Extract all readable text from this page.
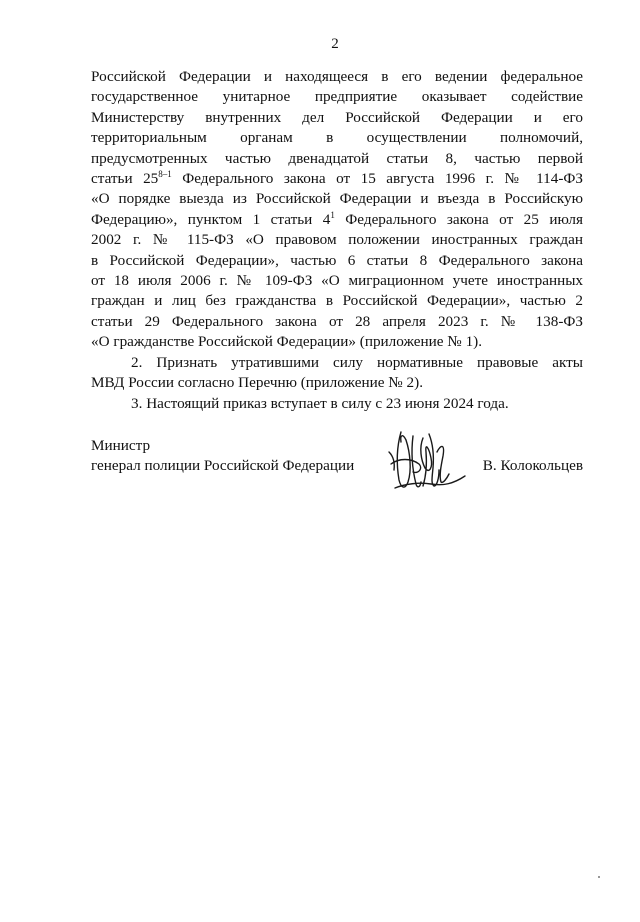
2
Российской Федерации и находящееся в его ведении федеральное
государственное унитарное предприятие оказывает содействие
Министерству внутренних дел Российской Федерации и его
территориальным органам в осуществлении полномочий,
предусмотренных частью двенадцатой статьи 8, частью первой
статьи 25$^{8-1}$ Федерального закона от 15 августа 1996 г. № 114-ФЗ
«О порядке выезда из Российской Федерации и въезда в Российскую
Федерацию», пунктом 1 статьи $4^1$ Федерального закона от 25 июля
2002 г. № 115-ФЗ «О правовом положении иностранных граждан
в Российской Федерации», частью 6 статьи 8 Федерального закона
от 18 июля 2006 г. № 109-ФЗ «О миграционном учете иностранных
граждан и лиц без гражданства в Российской Федерации», частью 2
статьи 29 Федерального закона от 28 апреля 2023 г. № 138-ФЗ
«О гражданстве Российской Федерации» (приложение № 1).
2. Признать утратившими силу нормативные правовые акты
МВД России согласно Перечню (приложение № 2).
3. Настоящий приказ вступает в силу с 23 июня 2024 года.
Министр
генерал полиции Российской Федерации	В. Колокольцев
